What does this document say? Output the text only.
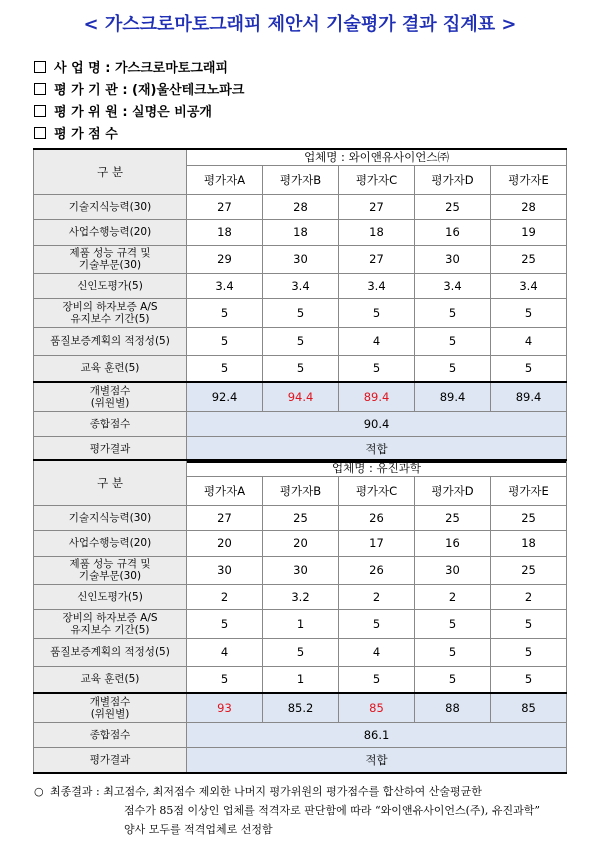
< 가스크로마토그래피 제안서 기술평가 결과 집계표 >
사 업 명 : 가스크로마토그래피
평 가 기 관 : (재)울산테크노파크
평 가 위 원 : 실명은 비공개
평 가 점 수
구 분	업체명 : 와이앤유사이언스㈜				
	평가자A	평가자B	평가자C	평가자D	평가자E
기술지식능력(30)	27	28	27	25	28
사업수행능력(20)	18	18	18	16	19
제품 성능 규격 및
기술부문(30)	29	30	27	30	25
신인도평가(5)	3.4	3.4	3.4	3.4	3.4
장비의 하자보증 A/S
유지보수 기간(5)	5	5	5	5	5
품질보증계획의 적정성(5)	5	5	4	5	4
교육 훈련(5)	5	5	5	5	5
개별점수
(위원별)	92.4	94.4	89.4	89.4	89.4
종합점수	90.4				
평가결과	적합				
구 분	업체명 : 유진과학				
	평가자A	평가자B	평가자C	평가자D	평가자E
기술지식능력(30)	27	25	26	25	25
사업수행능력(20)	20	20	17	16	18
제품 성능 규격 및
기술부문(30)	30	30	26	30	25
신인도평가(5)	2	3.2	2	2	2
장비의 하자보증 A/S
유지보수 기간(5)	5	1	5	5	5
품질보증계획의 적정성(5)	4	5	4	5	5
교육 훈련(5)	5	1	5	5	5
개별점수
(위원별)	93	85.2	85	88	85
종합점수	86.1				
평가결과	적합				
○ 최종결과 : 최고점수, 최저점수 제외한 나머지 평가위원의 평가점수를 합산하여 산술평균한
점수가 85점 이상인 업체를 적격자로 판단함에 따라 “와이앤유사이언스(주), 유진과학”
양사 모두를 적격업체로 선정함
